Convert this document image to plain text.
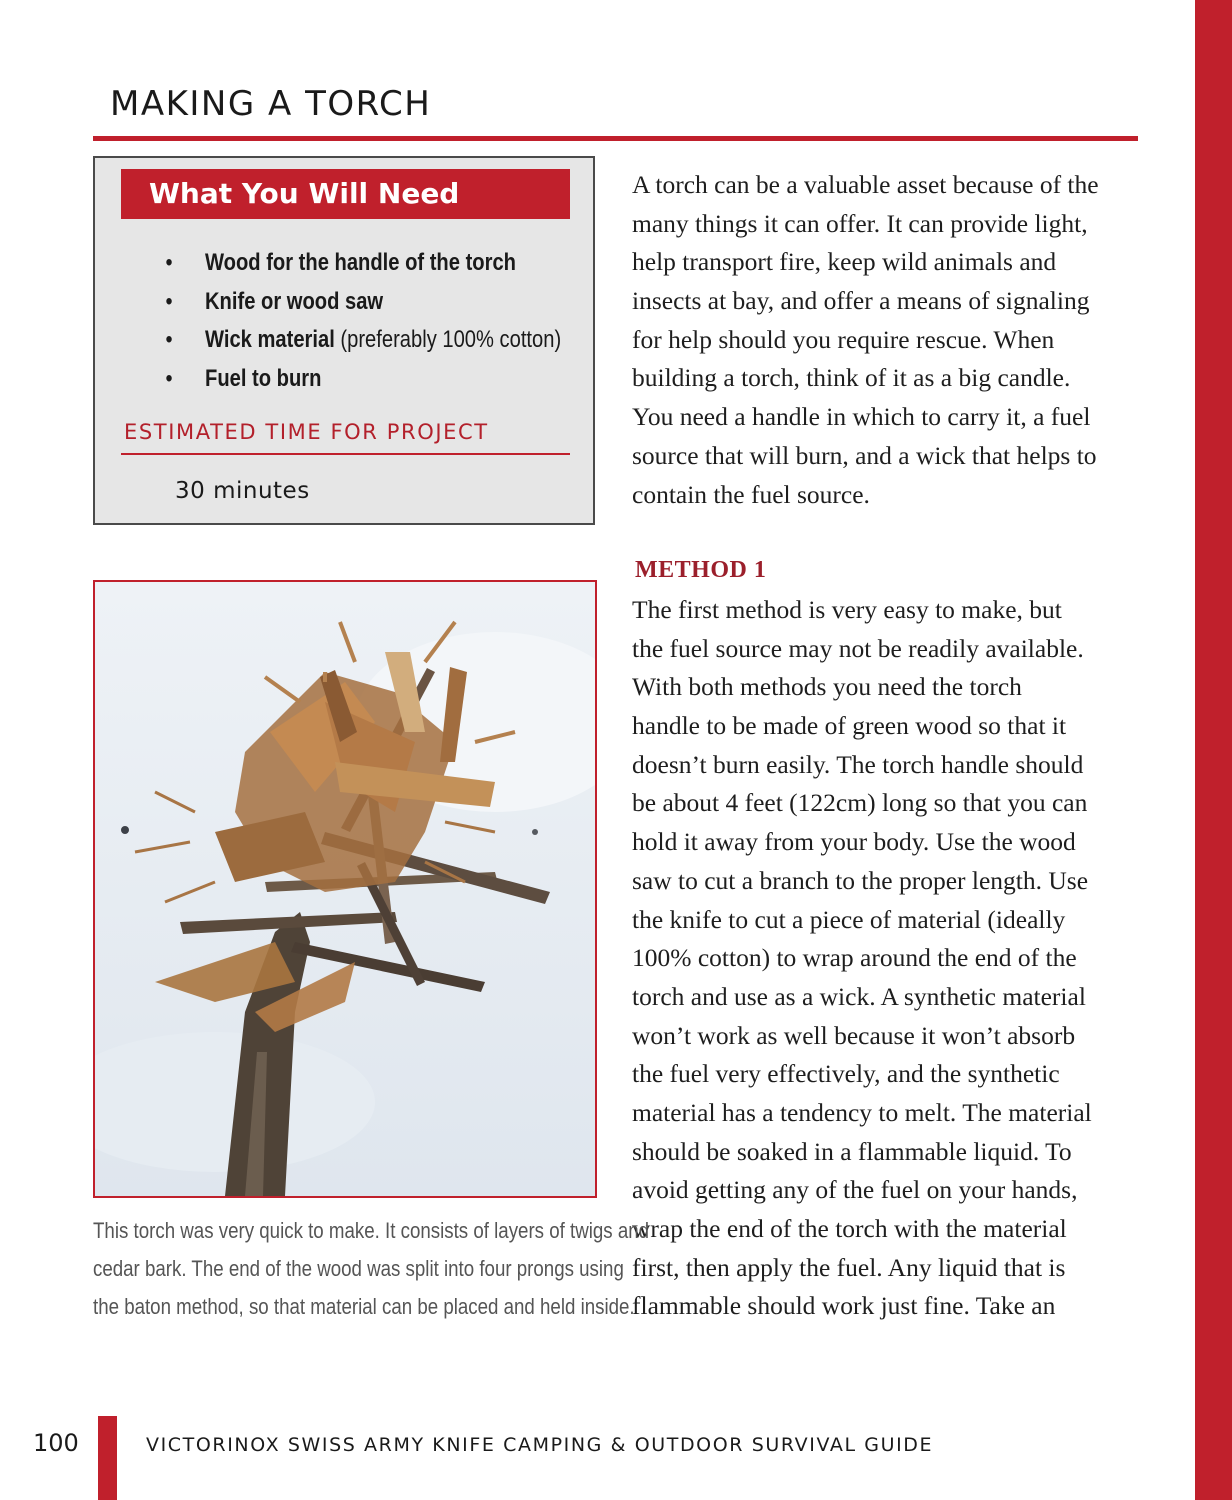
MAKING A TORCH
What You Will Need
• Wood for the handle of the torch
• Knife or wood saw
• Wick material (preferably 100% cotton)
• Fuel to burn
ESTIMATED TIME FOR PROJECT
30 minutes
A torch can be a valuable asset because of the
many things it can offer. It can provide light,
help transport fire, keep wild animals and
insects at bay, and offer a means of signaling
for help should you require rescue. When
building a torch, think of it as a big candle.
You need a handle in which to carry it, a fuel
source that will burn, and a wick that helps to
contain the fuel source.
METHOD 1
The first method is very easy to make, but
the fuel source may not be readily available.
With both methods you need the torch
handle to be made of green wood so that it
doesn’t burn easily. The torch handle should
be about 4 feet (122cm) long so that you can
hold it away from your body. Use the wood
saw to cut a branch to the proper length. Use
the knife to cut a piece of material (ideally
100% cotton) to wrap around the end of the
torch and use as a wick. A synthetic material
won’t work as well because it won’t absorb
the fuel very effectively, and the synthetic
material has a tendency to melt. The material
should be soaked in a flammable liquid. To
avoid getting any of the fuel on your hands,
wrap the end of the torch with the material
first, then apply the fuel. Any liquid that is
flammable should work just fine. Take an
This torch was very quick to make. It consists of layers of twigs and
cedar bark. The end of the wood was split into four prongs using
the baton method, so that material can be placed and held inside.
100	VICTORINOX SWISS ARMY KNIFE CAMPING & OUTDOOR SURVIVAL GUIDE
